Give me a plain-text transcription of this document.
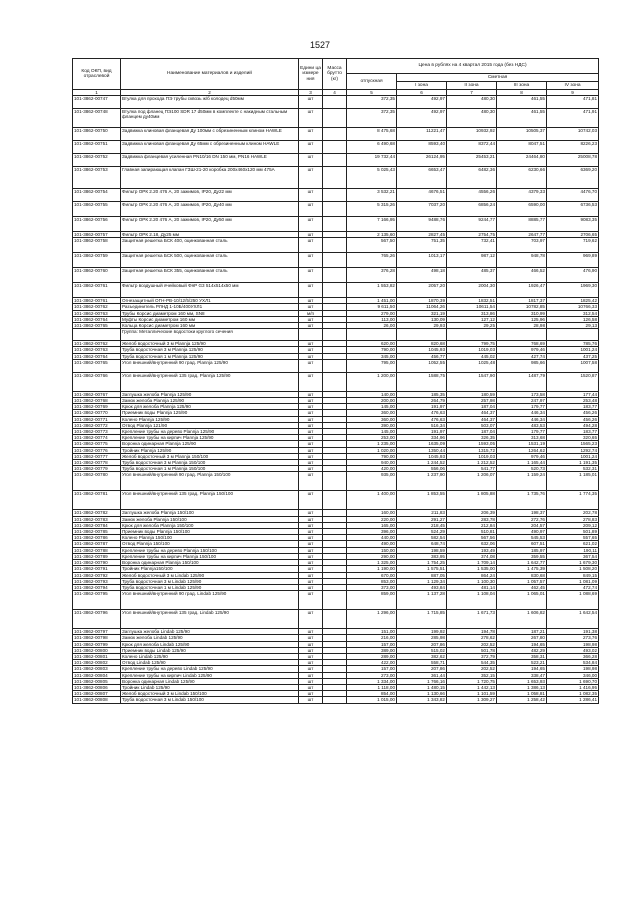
1527
Код ОКП, вид отраслевой	Наименование материалов и изделий	Едини ца измере ния	Масса брутто (кг)	Цена в рублях на 4 квартал 2015 года (без НДС)				
				отпускная	Сметная			
					I зона	II зона	III зона	IV зона
1	2	3	4	5	6	7	8	9
101-3862-00747	Втулка для прохода ПЭ трубы сквозь ж/б колодец d50мм	шт		372,35	492,97	480,30	461,55	471,81
101-3862-00748	Втулка под фланец ПЭ100 SDR 17 d50мм в комплекте с накидным стальным фланцем ду40мм	шт		372,35	492,97	480,30	461,55	471,91
101-3862-00750	Задвижка клиновая фланцевая Ду 100мм с обрезиненным клином HAWLE	шт		8 475,68	11221,47	10932,92	10505,37	10742,03
101-3862-00751	Задвижка клиновая фланцевая Ду 65мм с обрезиненным клином HAWLE	шт		6 490,68	8593,40	8372,44	8047,51	8226,23
101-3862-00752	Задвижка фланцевая усиленная PN10/16 DN 150 мм, PN16 HAWLE	шт		19 732,44	26124,95	25453,21	24464,80	25008,78
101-3862-00753	Главная запирающая клапан ГЗШ-21-20 коробка 200х460х120 мм 475А	шт		5 025,43	6653,47	6482,36	6230,66	6369,20
101-3862-00754	Фильтр ОРК 2.20 476 А, 20 зажимов, IP20, Ду22 мм	шт		3 532,21	4676,51	4556,26	4379,33	4476,70
101-3862-00755	Фильтр ОРК 2.20 476 А, 20 зажимов, IP20, Ду40 мм	шт		5 315,26	7037,20	6856,24	6590,00	6736,53
101-3862-00756	Фильтр ОРК 2.20 476 А, 20 зажимов, IP20, Ду50 мм	шт		7 166,95	9488,76	9244,77	8885,77	9083,35
101-3862-00757	Фильтр ОРК 2.18, Ду25 мм	шт		2 135,60	2827,45	2754,75	2647,77	2706,65
101-3862-00758	Защитная решетка БСК 400, оцинкованная сталь	шт		567,50	751,35	732,41	703,97	719,62
101-3862-00759	Защитная решетка БСК 500, оцинкованная сталь	шт		765,26	1013,17	987,12	948,78	969,89
101-3862-00760	Защитная решетка БСК 355, оцинкованная сталь	шт		376,28	498,18	485,37	466,52	476,90
101-3862-00761	Фильтр воздушный ячейковый ФяР G3 514х514х50 мм	шт		1 553,82	2057,20	2004,30	1926,47	1969,30
101-3862-00761	Огнезащитный ОГН-РВ-10/12/5/250 УХЛ1	шт		1 451,00	1870,39	1832,51	1817,37	1825,42
101-3862-00762	Разъединитель РЛНД 1-10Б/400УХЛ1	шт		9 611,50	11064,26	10611,54	10782,85	10766,33
101-3862-00763	Трубы Корсис диаметром 160 мм, SN8	м/п		279,00	321,19	313,86	310,99	312,54
101-3862-00764	Муфты Корсис диаметром 160 мм	шт		113,00	130,09	127,12	125,96	126,58
101-3862-00765	Кольца Корсис диаметром 160 мм	шт		26,00	29,93	29,25	28,98	29,13
	Группа: Металлические водостоки круглого сечения							
101-3862-00762	Желоб водосточный 3 м Plannja 125/90	шт		620,00	820,68	799,75	768,69	785,76
101-3862-00763	Труба водосточная 3 м Plannja 125/90	шт		790,00	1045,93	1019,03	979,46	1001,24
101-3862-00764	Труба водосточная 1 м Plannja 125/90	шт		345,00	456,77	445,02	427,74	437,25
101-3862-00765	Угол внешний/внутренний 90 град. Plannja 125/90	шт		795,00	1052,55	1025,48	985,66	1007,58
101-3862-00766	Угол внешний/внутренний 135 град. Plannja 125/90	шт		1 200,00	1588,75	1547,90	1487,79	1520,87
101-3862-00767	Заглушка желоба Plannja 125/90	шт		140,00	185,35	180,59	173,58	177,44
101-3862-00768	Замок желоба Plannja 125/90	шт		200,00	264,79	257,98	247,97	253,48
101-3862-00769	Крюк для желоба Plannja 125/90	шт		145,00	191,97	187,04	179,77	183,77
101-3862-00770	Приемник воды Plannja 125/90	шт		360,00	476,63	464,37	446,34	456,26
101-3862-00771	Колено Plannja 125/90	шт		360,00	476,63	464,37	446,34	456,26
101-3862-00772	Отвод Plannja 121/90	шт		390,00	516,34	503,07	483,53	494,28
101-3862-00773	Крепление трубы на дерево Plannja 125/90	шт		145,00	191,97	187,04	179,77	183,77
101-3862-00774	Крепление трубы на кирпич Plannja 125/90	шт		253,00	334,96	326,35	313,68	320,65
101-3862-00775	Воронка одинарная Plannja 125/90	шт		1 235,00	1635,09	1593,05	1531,19	1565,23
101-3862-00776	Тройник Plannja 125/90	шт		1 020,00	1350,44	1315,72	1264,62	1292,74
101-3862-00777	Желоб водосточный 3 м Plannja 150/100	шт		790,00	1045,93	1019,03	979,46	1001,24
101-3862-00778	Труба водосточная 3 м Plannja 150/100	шт		940,00	1 244,52	1 212,52	1 165,44	1 191,35
101-3862-00779	Труба водосточная 1 м Plannja 150/100	шт		420,00	556,06	541,77	520,73	532,31
101-3862-00780	Угол внешний/внутренний 90 град. Plannja 150/100	шт		935,00	1 237,90	1 206,07	1 159,24	1 185,01
101-3862-00781	Угол внешний/внутренний 135 град. Plannja 150/100	шт		1 400,00	1 853,55	1 805,88	1 735,76	1 774,35
101-3862-00782	Заглушка желоба Plannja 150/100	шт		160,00	211,83	206,39	198,37	202,78
101-3862-00783	Замок желоба Plannja 150/100	шт		220,00	291,27	283,78	272,76	278,83
101-3862-00784	Крюк для желоба Plannja 150/100	шт		165,00	218,45	212,84	204,57	209,12
101-3862-00785	Приемник воды Plannja 150/100	шт		396,00	524,29	510,81	490,97	501,89
101-3862-00786	Колено Plannja 150/100	шт		440,00	582,54	567,56	545,53	557,65
101-3862-00787	Отвод Plannja 150/100	шт		490,00	648,74	632,06	607,51	621,02
101-3862-00788	Крепление трубы на дерево Plannja 150/100	шт		150,00	198,59	193,49	185,97	190,11
101-3862-00789	Крепление трубы на кирпич Plannja 150/100	шт		290,00	383,95	374,08	359,55	367,54
101-3862-00790	Воронка одинарная Plannja 150/100	шт		1 325,00	1 754,25	1 709,14	1 642,77	1 679,30
101-3862-00791	Тройник Plannja150/100	шт		1 190,00	1 575,51	1 535,00	1 475,39	1 508,20
101-3862-00792	Желоб водосточный 3 м Lindab 125/90	шт		670,00	887,05	864,24	830,68	849,15
101-3862-00793	Труба водосточная 3 м Lindab 125/90	шт		853,00	1 129,34	1 100,30	1 057,57	1 081,09
101-3862-00794	Труба водосточная 1 м Lindab 125/90	шт		373,00	493,84	481,14	462,45	472,74
101-3862-00795	Угол внешний/внутренний 90 град. Lindab 125/90	шт		859,00	1 137,28	1 108,04	1 065,01	1 088,69
101-3862-00796	Угол внешний/внутренний 135 град. Lindab 125/90	шт		1 296,00	1 715,85	1 671,73	1 606,82	1 642,54
101-3862-00797	Заглушка желоба Lindab 125/90	шт		151,00	199,92	194,78	187,21	191,38
101-3862-00798	Замок желоба Lindab 125/90	шт		216,00	285,98	278,62	267,80	273,76
101-3862-00799	Крюк для желоба Lindab 125/90	шт		157,00	207,86	202,52	194,65	198,98
101-3862-00800	Приемник воды Lindab 125/90	шт		389,00	515,02	501,78	482,29	493,02
101-3862-00801	Колено Lindab 125/90	шт		289,00	382,62	372,79	358,31	366,28
101-3862-00802	Отвод Lindab 125/90	шт		422,00	558,71	544,35	523,21	534,84
101-3862-00803	Крепление трубы на дерево Lindab 125/90	шт		157,00	207,86	202,52	194,65	198,98
101-3862-00804	Крепление трубы на кирпич Lindab 125/90	шт		273,00	361,44	352,15	338,47	346,00
101-3862-00805	Воронка одинарная Lindab 125/90	шт		1 334,00	1 766,16	1 720,75	1 653,93	1 690,70
101-3862-00806	Тройник Lindab 125/90	шт		1 118,00	1 480,15	1 442,13	1 386,13	1 416,95
101-3862-00807	Желоб водосточный 3 м Lindab 150/100	шт		854,00	1 130,66	1 101,59	1 058,81	1 082,35
101-3862-00808	Труба водосточная 3 м Lindab 150/100	шт		1 015,00	1 343,82	1 309,27	1 258,42	1 286,41
